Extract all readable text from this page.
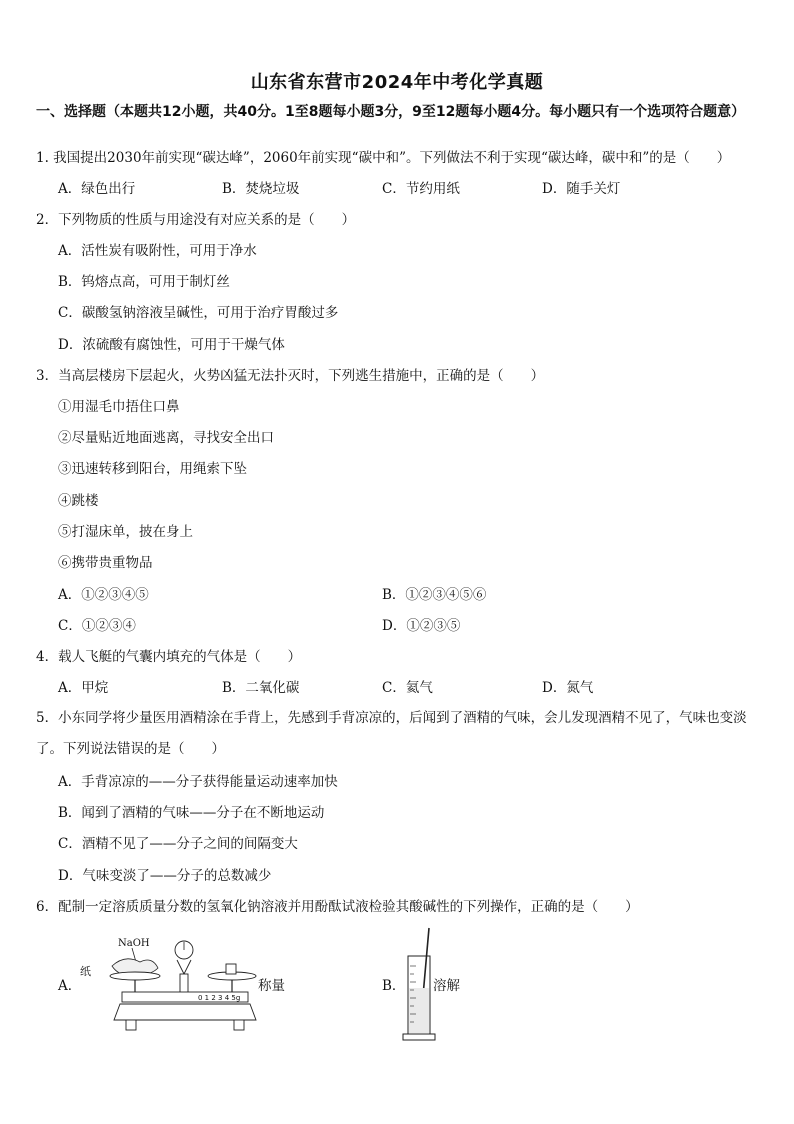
山东省东营市2024年中考化学真题
一、选择题（本题共12小题，共40分。1至8题每小题3分，9至12题每小题4分。每小题只有一个选项符合题意）
1. 我国提出2030年前实现“碳达峰”，2060年前实现“碳中和”。下列做法不利于实现“碳达峰，碳中和”的是（　　）
A．绿色出行	B．焚烧垃圾	C．节约用纸	D．随手关灯
2．下列物质的性质与用途没有对应关系的是（　　）
A．活性炭有吸附性，可用于净水
B．钨熔点高，可用于制灯丝
C．碳酸氢钠溶液呈碱性，可用于治疗胃酸过多
D．浓硫酸有腐蚀性，可用于干燥气体
3．当高层楼房下层起火，火势凶猛无法扑灭时，下列逃生措施中，正确的是（　　）
①用湿毛巾捂住口鼻
②尽量贴近地面逃离，寻找安全出口
③迅速转移到阳台，用绳索下坠
④跳楼
⑤打湿床单，披在身上
⑥携带贵重物品
A．①②③④⑤	B．①②③④⑤⑥
C．①②③④	D．①②③⑤
4．载人飞艇的气囊内填充的气体是（　　）
A．甲烷	B．二氧化碳	C．氦气	D．氮气
5．小东同学将少量医用酒精涂在手背上，先感到手背凉凉的，后闻到了酒精的气味，会儿发现酒精不见了，气味也变淡了。下列说法错误的是（　　）
A．手背凉凉的——分子获得能量运动速率加快
B．闻到了酒精的气味——分子在不断地运动
C．酒精不见了——分子之间的间隔变大
D．气味变淡了——分子的总数减少
6．配制一定溶质质量分数的氢氧化钠溶液并用酚酞试液检验其酸碱性的下列操作，正确的是（　　）
A．	称量	B． 溶解
NaOH
纸
0 1 2 3 4 5g
